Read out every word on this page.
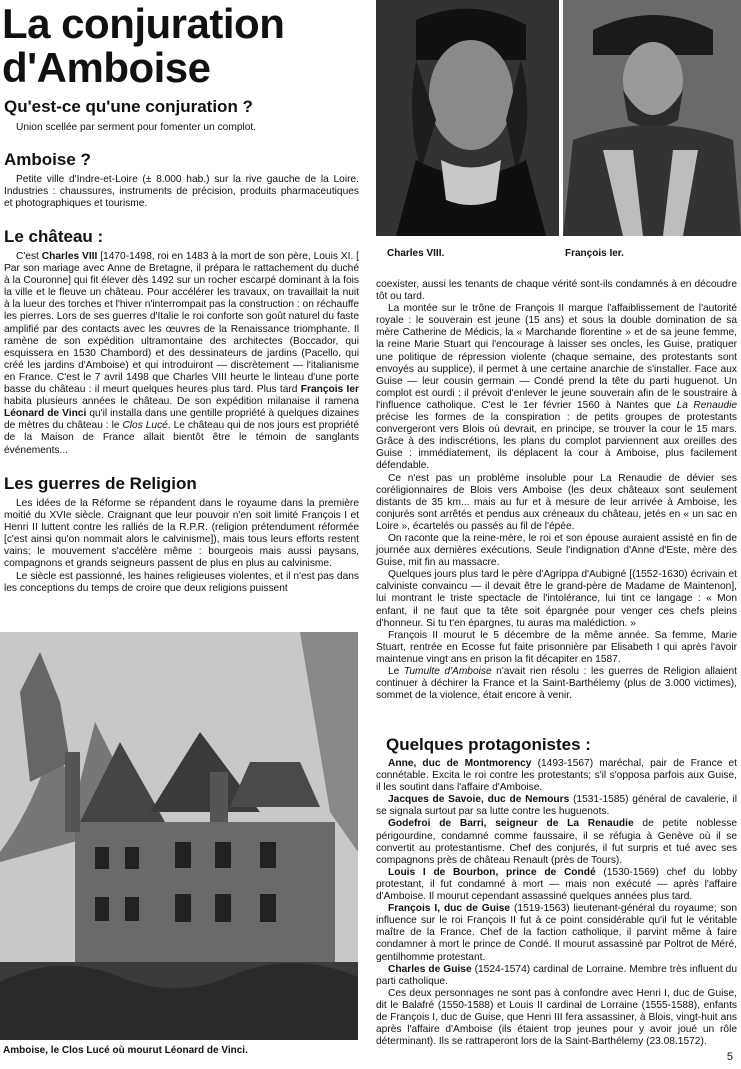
La conjuration
d'Amboise
Qu'est-ce qu'une conjuration ?

Union scellée par serment pour fomenter un complot.

Amboise ?

Petite ville d'Indre-et-Loire (± 8.000 hab.) sur la rive gauche de la Loire. Industries : chaussures, instruments de précision, produits pharmaceutiques et photographiques et tourisme.

Le château :

C'est Charles VIII [1470-1498, roi en 1483 à la mort de son père, Louis XI. [ Par son mariage avec Anne de Bretagne, il prépara le rattachement du duché à la Couronne] qui fit élever dès 1492 sur un rocher escarpé dominant à la fois la ville et le fleuve un château. Pour accélérer les travaux, on travaillait la nuit à la lueur des torches et l'hiver n'interrompait pas la construction : on réchauffe les pierres. Lors de ses guerres d'Italie le roi conforte son goût naturel du faste amplifié par des contacts avec les œuvres de la Renaissance triomphante. Il ramène de son expédition ultramontaine des architectes (Boccador, qui esquissera en 1530 Chambord) et des dessinateurs de jardins (Pacello, qui créé les jardins d'Amboise) et qui introduiront — discrètement — l'italianisme en France. C'est le 7 avril 1498 que Charles VIII heurte le linteau d'une porte basse du château : il meurt quelques heures plus tard. Plus tard François Ier habita plusieurs années le château. De son expédition milanaise il ramena Léonard de Vinci qu'il installa dans une gentille propriété à quelques dizaines de mètres du château : le Clos Lucé. Le château qui de nos jours est propriété de la Maison de France allait bientôt être le témoin de sanglants événements...

Les guerres de Religion

Les idées de la Réforme se répandent dans le royaume dans la première moitié du XVIe siècle. Craignant que leur pouvoir n'en soit limité François I et Henri II luttent contre les ralliés de la R.P.R. (religion prétendument réformée [c'est ainsi qu'on nommait alors le calvinisme]), mais tous leurs efforts restent vains; le mouvement s'accélère même : bourgeois mais aussi paysans, compagnons et grands seigneurs passent de plus en plus au calvinisme.

Le siècle est passionné, les haines religieuses violentes, et il n'est pas dans les conceptions du temps de croire que deux religions puissent

Charles VIII.	François Ier.
Amboise, le Clos Lucé où mourut Léonard de Vinci.

coexister, aussi les tenants de chaque vérité sont-ils condamnés à en découdre tôt ou tard.

La montée sur le trône de François II marque l'affaiblissement de l'autorité royale : le souverain est jeune (15 ans) et sous la double domination de sa mère Catherine de Médicis, la « Marchande florentine » et de sa jeune femme, la reine Marie Stuart qui l'encourage à laisser ses oncles, les Guise, pratiquer une politique de répression violente (chaque semaine, des protestants sont envoyés au supplice), il permet à une certaine anarchie de s'installer. Face aux Guise — leur cousin germain — Condé prend la tête du parti huguenot. Un complot est ourdi : il prévoit d'enlever le jeune souverain afin de le soustraire à l'influence catholique. C'est le 1er février 1560 à Nantes que La Renaudie précise les formes de la conspiration : de petits groupes de protestants convergeront vers Blois où devrait, en principe, se trouver la cour le 15 mars. Grâce à des indiscrétions, les plans du complot parviennent aux oreilles des Guise : immédiatement, ils déplacent la cour à Amboise, plus facilement défendable.

Ce n'est pas un problème insoluble pour La Renaudie de dévier ses coréligionnaires de Blois vers Amboise (les deux châteaux sont seulement distants de 35 km... mais au fur et à mesure de leur arrivée à Amboise, les conjurés sont arrêtés et pendus aux créneaux du château, jetés en « un sac en Loire », écartelés ou passés au fil de l'épée.

On raconte que la reine-mère, le roi et son épouse auraient assisté en fin de journée aux dernières exécutions. Seule l'indignation d'Anne d'Este, mère des Guise, mit fin au massacre.

Quelques jours plus tard le père d'Agrippa d'Aubigné [(1552-1630) écrivain et calviniste convaincu — il devait être le grand-père de Madame de Maintenon], lui montrant le triste spectacle de l'intolérance, lui tint ce langage : « Mon enfant, il ne faut que ta tête soit épargnée pour venger ces chefs pleins d'honneur. Si tu t'en épargnes, tu auras ma malédiction. »

François II mourut le 5 décembre de la même année. Sa femme, Marie Stuart, rentrée en Ecosse fut faite prisonnière par Elisabeth I qui après l'avoir maintenue vingt ans en prison la fit décapiter en 1587.

Le Tumulte d'Amboise n'avait rien résolu : les guerres de Religion allaient continuer à déchirer la France et la Saint-Barthélemy (plus de 3.000 victimes), sommet de la violence, était encore à venir.

Quelques protagonistes :

Anne, duc de Montmorency (1493-1567) maréchal, pair de France et connétable. Excita le roi contre les protestants; s'il s'opposa parfois aux Guise, il les soutint dans l'affaire d'Amboise.

Jacques de Savoie, duc de Nemours (1531-1585) général de cavalerie, il se signala surtout par sa lutte contre les huguenots.

Godefroi de Barri, seigneur de La Renaudie de petite noblesse périgourdine, condamné comme faussaire, il se réfugia à Genève où il se convertit au protestantisme. Chef des conjurés, il fut surpris et tué avec ses compagnons près de château Renault (près de Tours).

Louis I de Bourbon, prince de Condé (1530-1569) chef du lobby protestant, il fut condamné à mort — mais non exécuté — après l'affaire d'Amboise. Il mourut cependant assassiné quelques années plus tard.

François I, duc de Guise (1519-1563) lieutenant-général du royaume; son influence sur le roi François II fut à ce point considérable qu'il fut le véritable maître de la France. Chef de la faction catholique, il parvint même à faire condamner à mort le prince de Condé. Il mourut assassiné par Poltrot de Méré, gentilhomme protestant.

Charles de Guise (1524-1574) cardinal de Lorraine. Membre très influent du parti catholique.

Ces deux personnages ne sont pas à confondre avec Henri I, duc de Guise, dit le Balafré (1550-1588) et Louis II cardinal de Lorraine (1555-1588), enfants de François I, duc de Guise, que Henri III fera assassiner, à Blois, vingt-huit ans après l'affaire d'Amboise (ils étaient trop jeunes pour y avoir joué un rôle déterminant). Ils se rattraperont lors de la Saint-Barthélemy (23.08.1572).

5
